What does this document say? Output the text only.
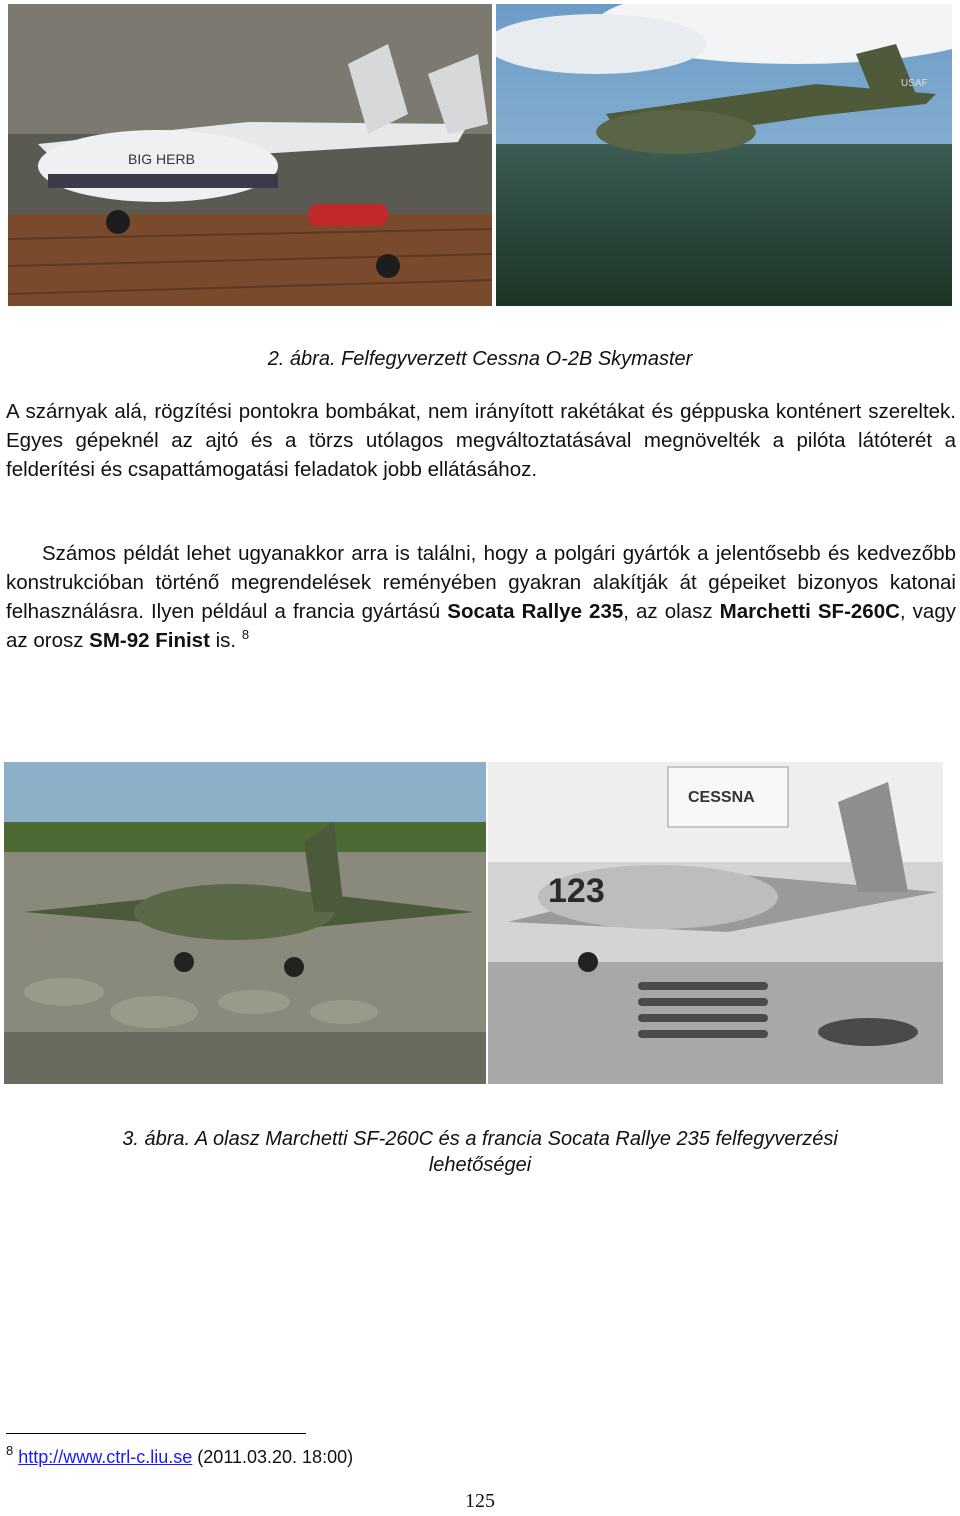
BIG HERB
USAF
2. ábra. Felfegyverzett Cessna O-2B Skymaster

A szárnyak alá, rögzítési pontokra bombákat, nem irányított rakétákat és géppuska konténert szereltek. Egyes gépeknél az ajtó és a törzs utólagos megváltoztatásával megnövelték a pilóta látóterét a felderítési és csapattámogatási feladatok jobb ellátásához.

Számos példát lehet ugyanakkor arra is találni, hogy a polgári gyártók a jelentősebb és kedvezőbb konstrukcióban történő megrendelések reményében gyakran alakítják át gépeiket bizonyos katonai felhasználásra. Ilyen például a francia gyártású Socata Rallye 235, az olasz Marchetti SF-260C, vagy az orosz SM-92 Finist is. $^8$

CESSNA
123
3. ábra. A olasz Marchetti SF-260C és a francia Socata Rallye 235 felfegyverzési
lehetőségei
$^8$ http://www.ctrl-c.liu.se (2011.03.20. 18:00)
125
